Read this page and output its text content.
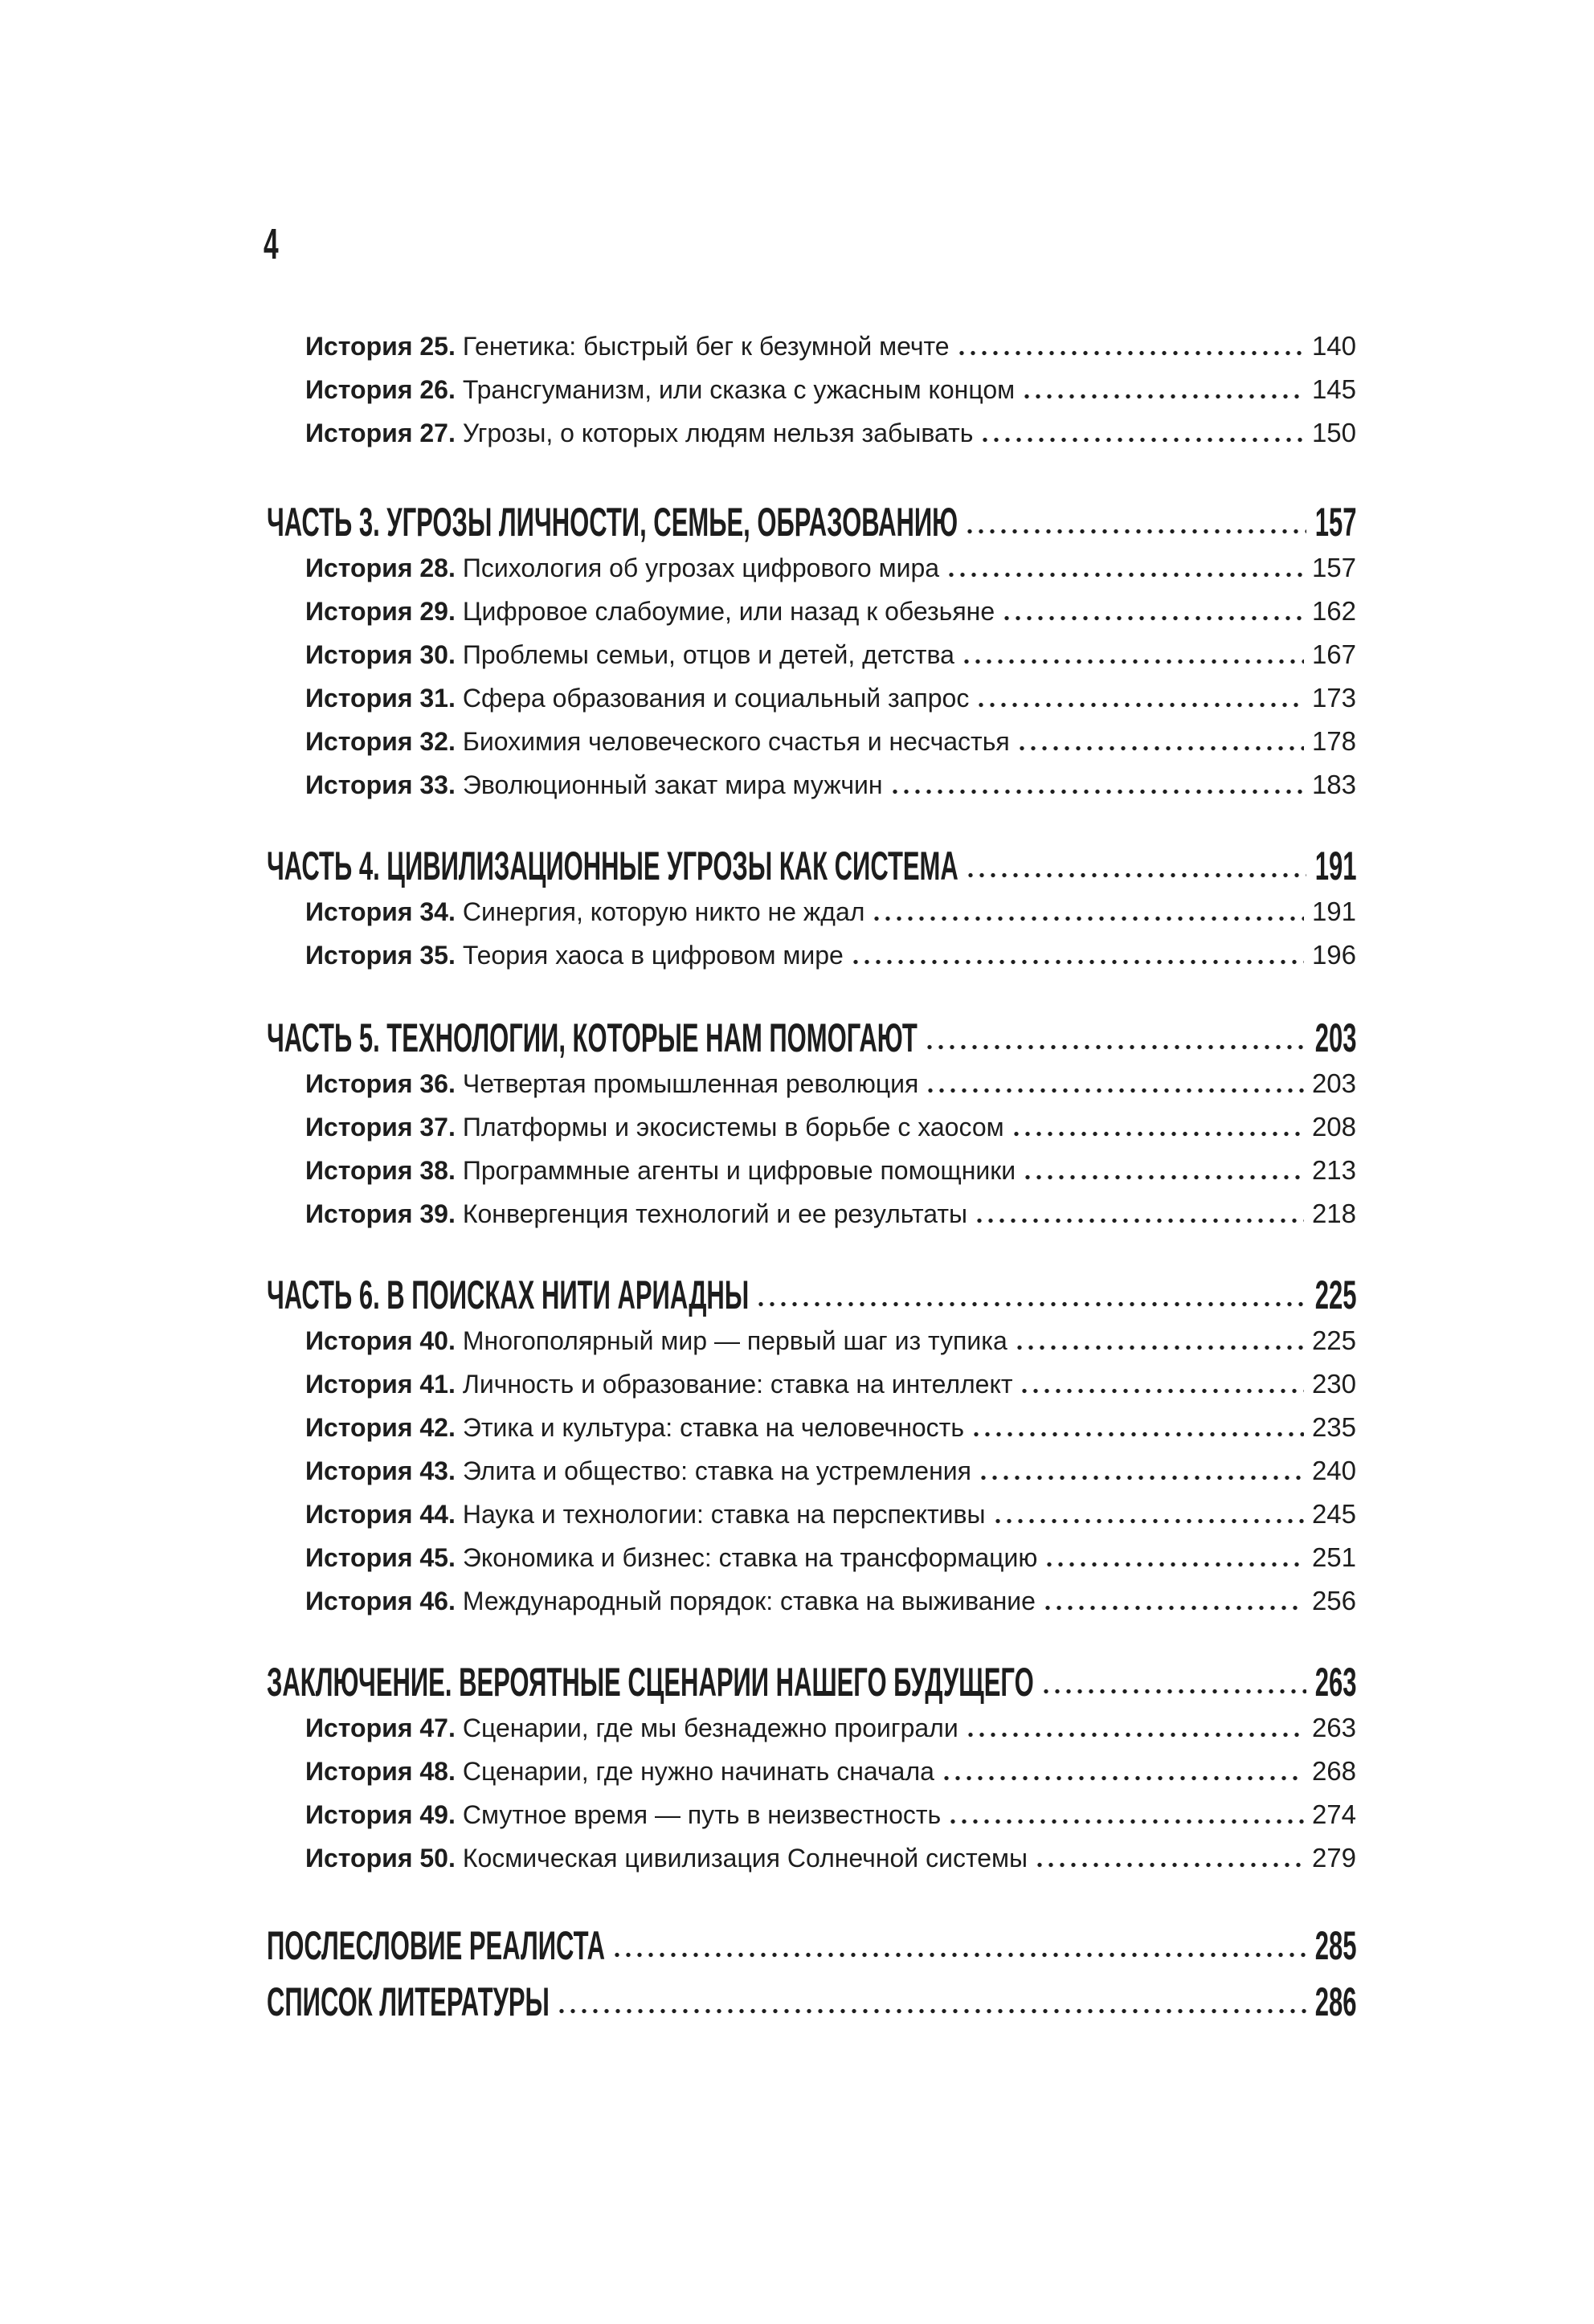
4
История 25. Генетика: быстрый бег к безумной мечте	140
История 26. Трансгуманизм, или сказка с ужасным концом	145
История 27. Угрозы, о которых людям нельзя забывать	150
ЧАСТЬ 3. УГРОЗЫ ЛИЧНОСТИ, СЕМЬЕ, ОБРАЗОВАНИЮ	157
История 28. Психология об угрозах цифрового мира	157
История 29. Цифровое слабоумие, или назад к обезьяне	162
История 30. Проблемы семьи, отцов и детей, детства	167
История 31. Сфера образования и социальный запрос	173
История 32. Биохимия человеческого счастья и несчастья	178
История 33. Эволюционный закат мира мужчин	183
ЧАСТЬ 4. ЦИВИЛИЗАЦИОННЫЕ УГРОЗЫ КАК СИСТЕМА	191
История 34. Синергия, которую никто не ждал	191
История 35. Теория хаоса в цифровом мире	196
ЧАСТЬ 5. ТЕХНОЛОГИИ, КОТОРЫЕ НАМ ПОМОГАЮТ	203
История 36. Четвертая промышленная революция	203
История 37. Платформы и экосистемы в борьбе с хаосом	208
История 38. Программные агенты и цифровые помощники	213
История 39. Конвергенция технологий и ее результаты	218
ЧАСТЬ 6. В ПОИСКАХ НИТИ АРИАДНЫ	225
История 40. Многополярный мир — первый шаг из тупика	225
История 41. Личность и образование: ставка на интеллект	230
История 42. Этика и культура: ставка на человечность	235
История 43. Элита и общество: ставка на устремления	240
История 44. Наука и технологии: ставка на перспективы	245
История 45. Экономика и бизнес: ставка на трансформацию	251
История 46. Международный порядок: ставка на выживание	256
ЗАКЛЮЧЕНИЕ. ВЕРОЯТНЫЕ СЦЕНАРИИ НАШЕГО БУДУЩЕГО	263
История 47. Сценарии, где мы безнадежно проиграли	263
История 48. Сценарии, где нужно начинать сначала	268
История 49. Смутное время — путь в неизвестность	274
История 50. Космическая цивилизация Солнечной системы	279
ПОСЛЕСЛОВИЕ РЕАЛИСТА	285
СПИСОК ЛИТЕРАТУРЫ	286
